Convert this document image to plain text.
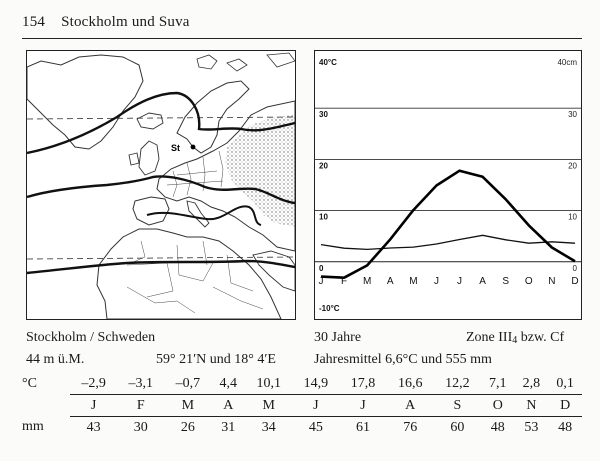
154 Stockholm und Suva
St
40°C
30
20
10
0
-10°C
40cm
30
20
10
0
J F M A M J J A S O N D
Stockholm / Schweden
44 m ü.M.	59° 21′N und 18° 4′E
30 Jahre	Zone III4 bzw. Cf
Jahresmittel 6,6°C und 555 mm
°C	–2,9	–3,1	–0,7	4,4	10,1	14,9	17,8	16,6	12,2	7,1	2,8	0,1
	J	F	M	A	M	J	J	A	S	O	N	D
mm	43	30	26	31	34	45	61	76	60	48	53	48
